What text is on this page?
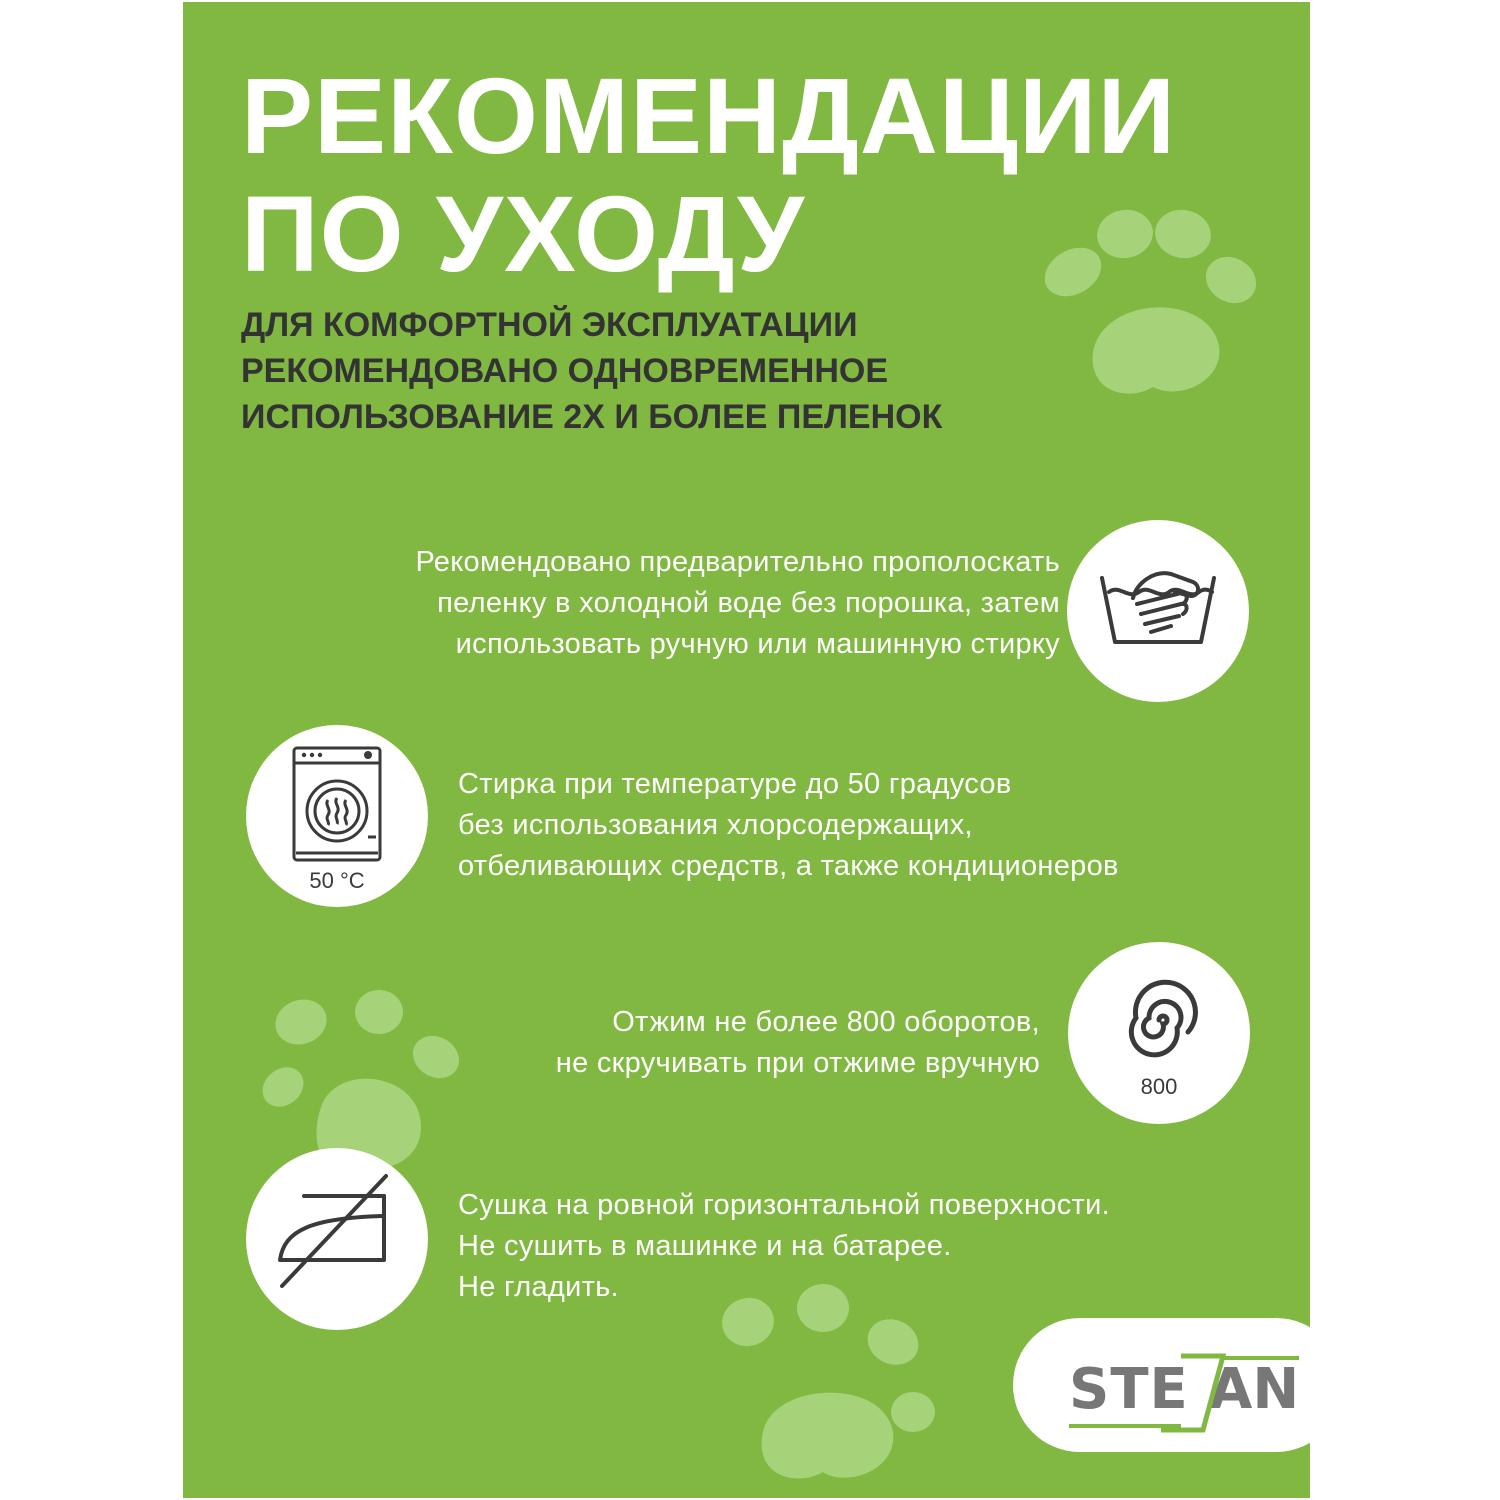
РЕКОМЕНДАЦИИ
ПО УХОДУ
ДЛЯ КОМФОРТНОЙ ЭКСПЛУАТАЦИИ
РЕКОМЕНДОВАНО ОДНОВРЕМЕННОЕ
ИСПОЛЬЗОВАНИЕ 2Х И БОЛЕЕ ПЕЛЕНОК
Рекомендовано предварительно прополоскать
пеленку в холодной воде без порошка, затем
использовать ручную или машинную стирку
50 °C
Стирка при температуре до 50 градусов
без использования хлорсодержащих,
отбеливающих средств, а также кондиционеров
800
Отжим не более 800 оборотов,
не скручивать при отжиме вручную
Сушка на ровной горизонтальной поверхности.
Не сушить в машинке и на батарее.
Не гладить.
STE AN
